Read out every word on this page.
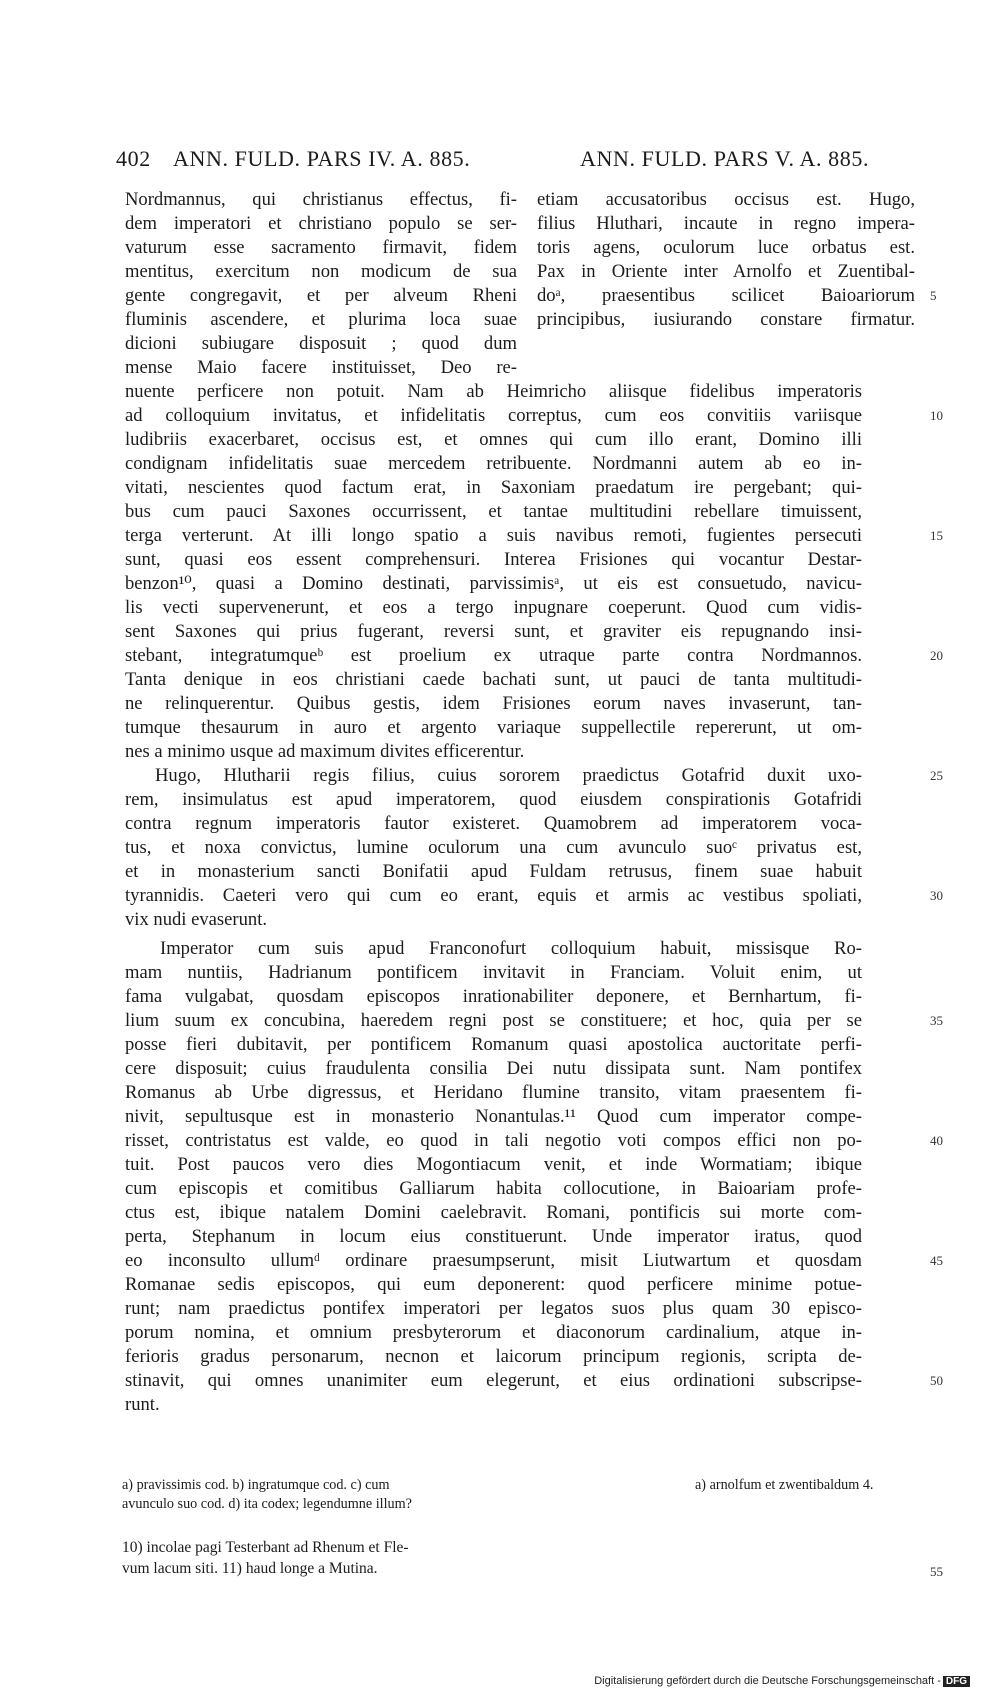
402 ANN. FULD. PARS IV. A. 885.	ANN. FULD. PARS V. A. 885.
Nordmannus, qui christianus effectus, fi-
dem imperatori et christiano populo se ser-
vaturum esse sacramento firmavit, fidem
mentitus, exercitum non modicum de sua
gente congregavit, et per alveum Rheni
fluminis ascendere, et plurima loca suae
dicioni subiugare disposuit ; quod dum
mense Maio facere instituisset, Deo re-
etiam accusatoribus occisus est. Hugo,
filius Hluthari, incaute in regno impera-
toris agens, oculorum luce orbatus est.
Pax in Oriente inter Arnolfo et Zuentibal-
doᵃ, praesentibus scilicet Baioariorum
principibus, iusiurando constare firmatur.
nuente perficere non potuit. Nam ab Heimricho aliisque fidelibus imperatoris
ad colloquium invitatus, et infidelitatis correptus, cum eos convitiis variisque
ludibriis exacerbaret, occisus est, et omnes qui cum illo erant, Domino illi
condignam infidelitatis suae mercedem retribuente. Nordmanni autem ab eo in-
vitati, nescientes quod factum erat, in Saxoniam praedatum ire pergebant; qui-
bus cum pauci Saxones occurrissent, et tantae multitudini rebellare timuissent,
terga verterunt. At illi longo spatio a suis navibus remoti, fugientes persecuti
sunt, quasi eos essent comprehensuri. Interea Frisiones qui vocantur Destar-
benzon¹⁰, quasi a Domino destinati, parvissimisᵃ, ut eis est consuetudo, navicu-
lis vecti supervenerunt, et eos a tergo inpugnare coeperunt. Quod cum vidis-
sent Saxones qui prius fugerant, reversi sunt, et graviter eis repugnando insi-
stebant, integratumqueᵇ est proelium ex utraque parte contra Nordmannos.
Tanta denique in eos christiani caede bachati sunt, ut pauci de tanta multitudi-
ne relinquerentur. Quibus gestis, idem Frisiones eorum naves invaserunt, tan-
tumque thesaurum in auro et argento variaque suppellectile repererunt, ut om-
nes a minimo usque ad maximum divites efficerentur.
Hugo, Hlutharii regis filius, cuius sororem praedictus Gotafrid duxit uxo-
rem, insimulatus est apud imperatorem, quod eiusdem conspirationis Gotafridi
contra regnum imperatoris fautor existeret. Quamobrem ad imperatorem voca-
tus, et noxa convictus, lumine oculorum una cum avunculo suoᶜ privatus est,
et in monasterium sancti Bonifatii apud Fuldam retrusus, finem suae habuit
tyrannidis. Caeteri vero qui cum eo erant, equis et armis ac vestibus spoliati,
vix nudi evaserunt.
Imperator cum suis apud Franconofurt colloquium habuit, missisque Ro-
mam nuntiis, Hadrianum pontificem invitavit in Franciam. Voluit enim, ut
fama vulgabat, quosdam episcopos inrationabiliter deponere, et Bernhartum, fi-
lium suum ex concubina, haeredem regni post se constituere; et hoc, quia per se
posse fieri dubitavit, per pontificem Romanum quasi apostolica auctoritate perfi-
cere disposuit; cuius fraudulenta consilia Dei nutu dissipata sunt. Nam pontifex
Romanus ab Urbe digressus, et Heridano flumine transito, vitam praesentem fi-
nivit, sepultusque est in monasterio Nonantulas.¹¹ Quod cum imperator compe-
risset, contristatus est valde, eo quod in tali negotio voti compos effici non po-
tuit. Post paucos vero dies Mogontiacum venit, et inde Wormatiam; ibique
cum episcopis et comitibus Galliarum habita collocutione, in Baioariam profe-
ctus est, ibique natalem Domini caelebravit. Romani, pontificis sui morte com-
perta, Stephanum in locum eius constituerunt. Unde imperator iratus, quod
eo inconsulto ullumᵈ ordinare praesumpserunt, misit Liutwartum et quosdam
Romanae sedis episcopos, qui eum deponerent: quod perficere minime potue-
runt; nam praedictus pontifex imperatori per legatos suos plus quam 30 episco-
porum nomina, et omnium presbyterorum et diaconorum cardinalium, atque in-
ferioris gradus personarum, necnon et laicorum principum regionis, scripta de-
stinavit, qui omnes unanimiter eum elegerunt, et eius ordinationi subscripse-
runt.
5
10
15
20
25
30
35
40
45
50
55
a) pravissimis cod. b) ingratumque cod. c) cum
avunculo suo cod. d) ita codex; legendumne illum?
a) arnolfum et zwentibaldum 4.
10) incolae pagi Testerbant ad Rhenum et Fle-
vum lacum siti. 11) haud longe a Mutina.
Digitalisierung gefördert durch die Deutsche Forschungsgemeinschaft - DFG
